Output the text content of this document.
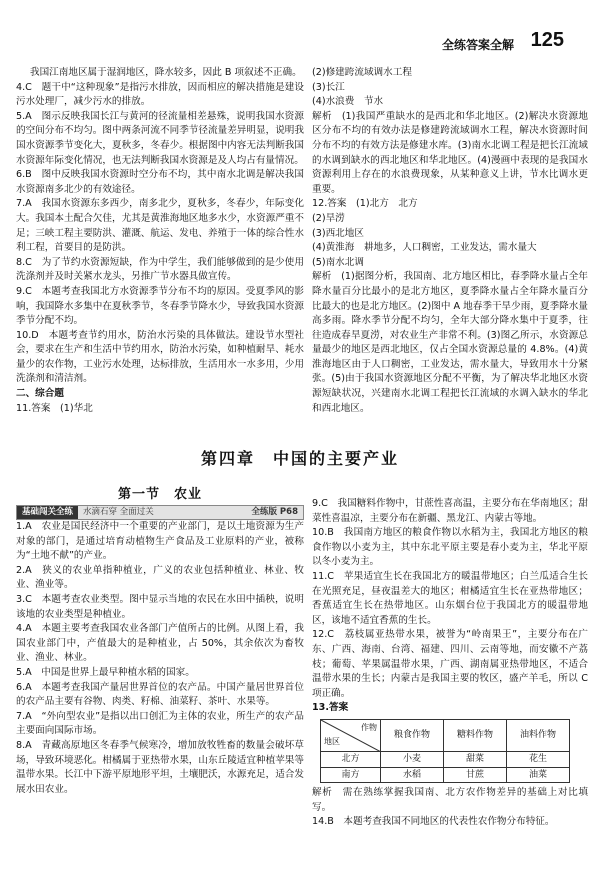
全练答案全解 125

我国江南地区属于湿润地区，降水较多，因此 B 项叙述不正确。

4.C　题干中“这种现象”是指污水排放，因而相应的解决措施是建设污水处理厂，减少污水的排放。

5.A　图示反映我国长江与黄河的径流量相差悬殊，说明我国水资源的空间分布不均匀。图中两条河流不同季节径流量差异明显，说明我国水资源季节变化大，夏秋多，冬春少。根据图中内容无法判断我国水资源年际变化情况，也无法判断我国水资源是及人均占有量情况。

6.B　图中反映我国水资源时空分布不均，其中南水北调是解决我国水资源南多北少的有效途径。

7.A　我国水资源东多西少，南多北少，夏秋多，冬春少，年际变化大。我国本土配合欠佳，尤其是黄淮海地区地多水少，水资源严重不足；三峡工程主要防洪、灌溉、航运、发电、养殖于一体的综合性水利工程，首要目的是防洪。

8.C　为了节约水资源短缺，作为中学生，我们能够做到的是少使用洗涤剂并及时关紧水龙头，另推广节水器具做宣传。

9.C　本题考查我国北方水资源季节分布不均的原因。受夏季风的影响，我国降水多集中在夏秋季节，冬春季节降水少，导致我国水资源季节分配不均。

10.D　本题考查节约用水，防治水污染的具体做法。建设节水型社会，要求在生产和生活中节约用水，防治水污染，如种植耐旱、耗水量少的农作物，工业污水处理，达标排放，生活用水一水多用，少用洗涤剂和清洁剂。

二、综合题

11.答案　(1)华北

(2)修建跨流域调水工程

(3)长江

(4)水浪费　节水

解析　(1)我国严重缺水的是西北和华北地区。(2)解决水资源地区分布不均的有效办法是修建跨流域调水工程，解决水资源时间分布不均的有效方法是修建水库。(3)南水北调工程是把长江流域的水调到缺水的西北地区和华北地区。(4)漫画中表现的是我国水资源利用上存在的水浪费现象，从某种意义上讲，节水比调水更重要。

12.答案　(1)北方　北方

(2)旱涝

(3)西北地区

(4)黄淮海　耕地多，人口稠密，工业发达，需水量大

(5)南水北调

解析　(1)据图分析，我国南、北方地区相比，春季降水量占全年降水量百分比最小的是北方地区，夏季降水量占全年降水量百分比最大的也是北方地区。(2)图中 A 地春季干旱少雨，夏季降水量高多雨。降水季节分配不均匀，全年大部分降水集中于夏季，往往造成春旱夏涝，对农业生产非常不利。(3)图乙所示，水资源总量最少的地区是西北地区，仅占全国水资源总量的 4.8%。(4)黄淮海地区由于人口稠密，工业发达，需水量大，导致用水十分紧张。(5)由于我国水资源地区分配不平衡，为了解决华北地区水资源短缺状况，兴建南水北调工程把长江流域的水调入缺水的华北和西北地区。

第四章　中国的主要产业
第一节　农业
基础闯关全练	水滴石穿 全面过关	全练版 P68

1.A　农业是国民经济中一个重要的产业部门，是以土地资源为生产对象的部门，是通过培育动植物生产食品及工业原料的产业，被称为“土地不献”的产业。

2.A　狭义的农业单指种植业，广义的农业包括种植业、林业、牧业、渔业等。

3.C　本题考查农业类型。图中显示当地的农民在水田中插秧，说明该地的农业类型是种植业。

4.A　本题主要考查我国农业各部门产值所占的比例。从图上看，我国农业部门中，产值最大的是种植业，占 50%，其余依次为畜牧业、渔业、林业。

5.A　中国是世界上最早种植水稻的国家。

6.A　本题考查我国产量居世界首位的农产品。中国产量居世界首位的农产品主要有谷物、肉类、籽棉、油菜籽、茶叶、水果等。

7.A　“外向型农业”是指以出口创汇为主体的农业，所生产的农产品主要面向国际市场。

8.A　青藏高原地区冬春季气候寒冷，增加放牧牲畜的数量会破坏草场，导致环境恶化。柑橘属于亚热带水果，山东丘陵适宜种植苹果等温带水果。长江中下游平原地形平坦，土壤肥沃，水源充足，适合发展水田农业。

9.C　我国糖料作物中，甘蔗性喜高温，主要分布在华南地区；甜菜性喜温凉，主要分布在新疆、黑龙江、内蒙古等地。

10.B　我国南方地区的粮食作物以水稻为主，我国北方地区的粮食作物以小麦为主，其中东北平原主要是春小麦为主，华北平原以冬小麦为主。

11.C　苹果适宜生长在我国北方的暖温带地区；白兰瓜适合生长在光照充足，昼夜温差大的地区；柑橘适宜生长在亚热带地区；香蕉适宜生长在热带地区。山东烟台位于我国北方的暖温带地区，该地不适宜香蕉的生长。

12.C　荔枝属亚热带水果，被誉为“岭南果王”，主要分布在广东、广西、海南、台湾、福建、四川、云南等地，而安徽不产荔枝；葡萄、苹果属温带水果，广西、湖南属亚热带地区，不适合温带水果的生长；内蒙古是我国主要的牧区，盛产羊毛，所以 C 项正确。

13.答案

作物
地区	粮食作物	糖料作物	油料作物
北方	小麦	甜菜	花生
南方	水稻	甘蔗	油菜

解析　需在熟练掌握我国南、北方农作物差异的基础上对比填写。

14.B　本题考查我国不同地区的代表性农作物分布特征。
